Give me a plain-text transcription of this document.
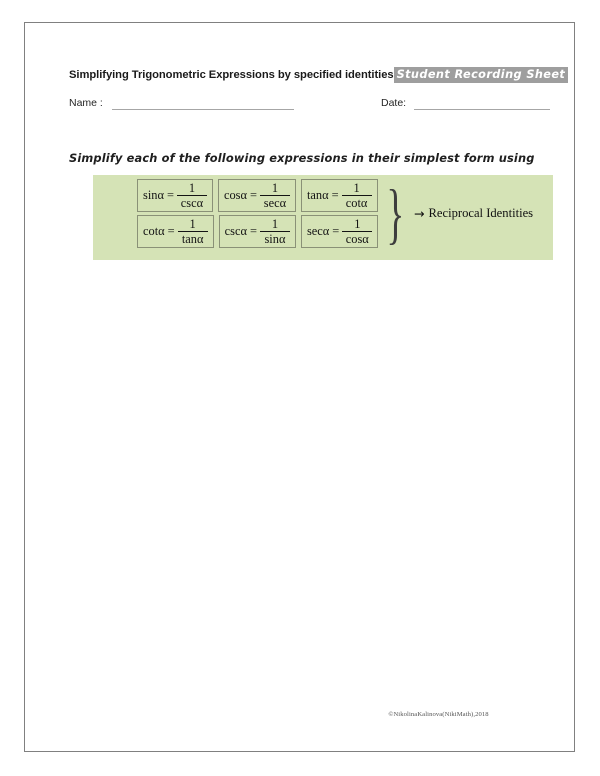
Simplifying Trigonometric Expressions by specified identities Student Recording Sheet
Name :	Date:
Simplify each of the following expressions in their simplest form using
$\sin\alpha = \frac{1}{\csc\alpha}$ $\cos\alpha = \frac{1}{\sec\alpha}$ $\tan\alpha = \frac{1}{\cot\alpha}$
$\cot\alpha = \frac{1}{\tan\alpha}$ $\csc\alpha = \frac{1}{\sin\alpha}$ $\sec\alpha = \frac{1}{\cos\alpha}$ } → Reciprocal Identities
©NikolinaKalinova(NikiMath),2018
